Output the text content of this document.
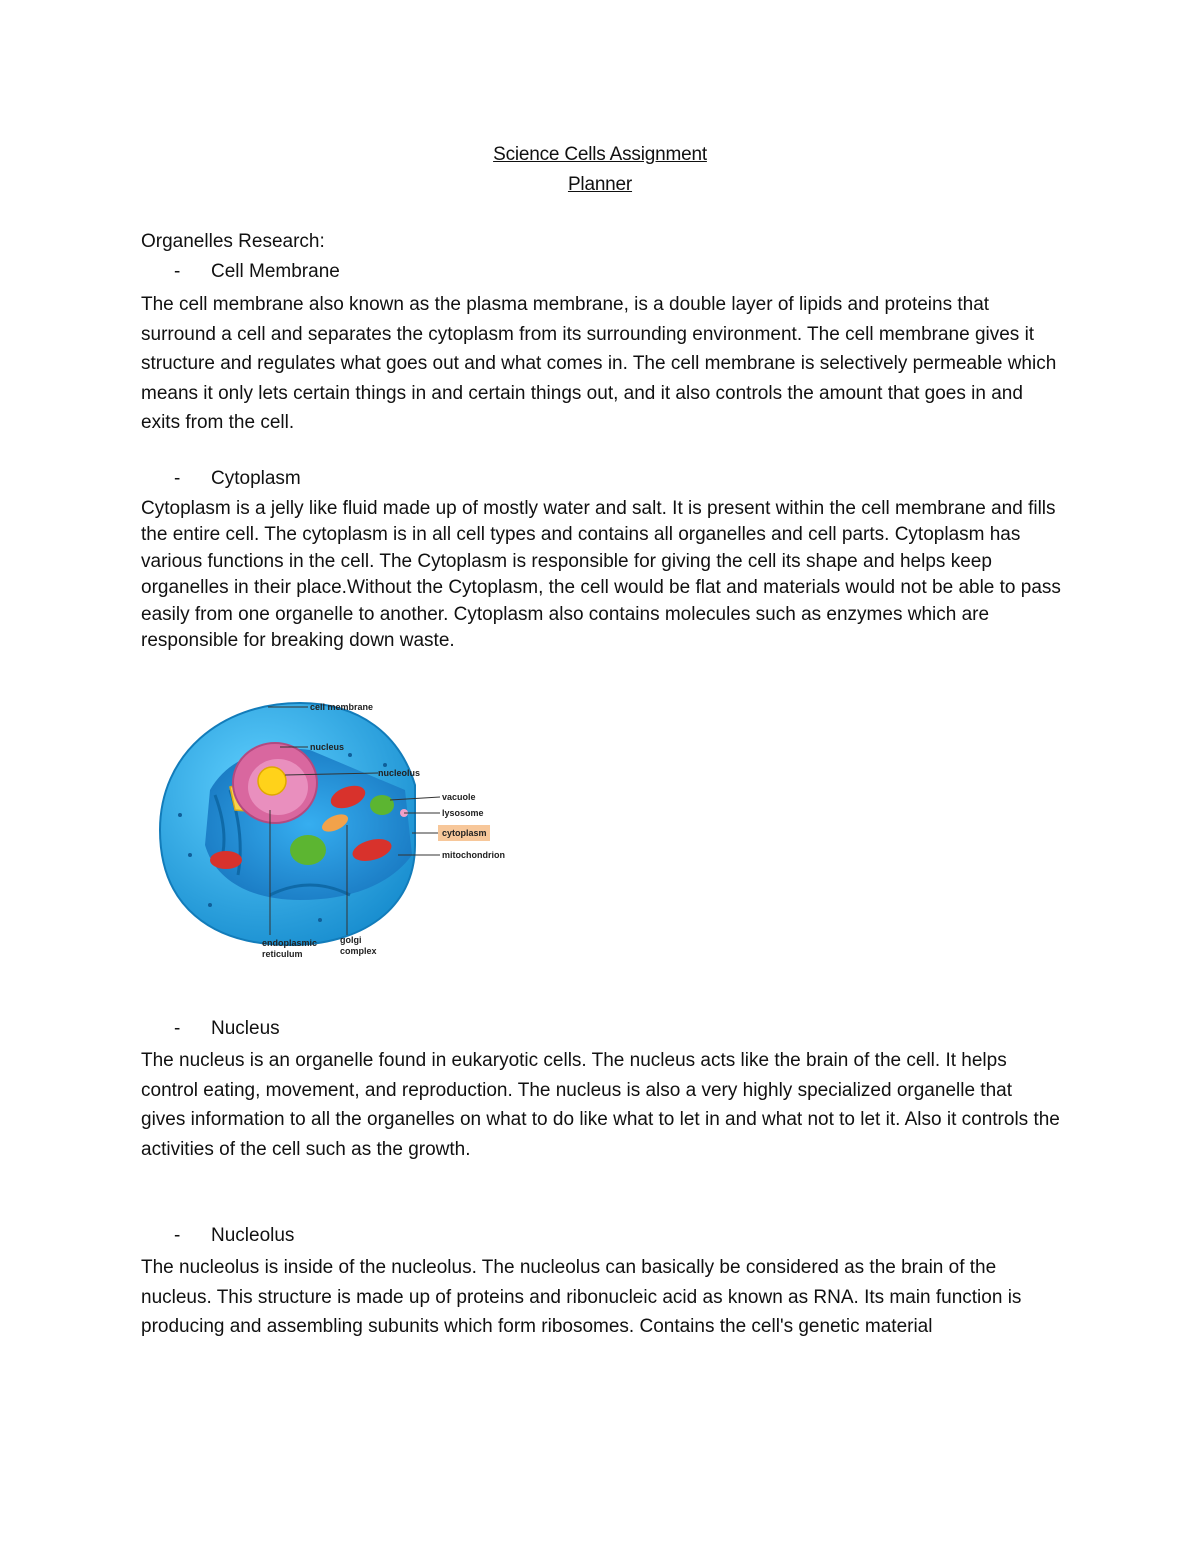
Science Cells Assignment
Planner
Organelles Research:
- Cell Membrane

The cell membrane also known as the plasma membrane, is a double layer of lipids and proteins that surround a cell and separates the cytoplasm from its surrounding environment. The cell membrane gives it structure and regulates what goes out and what comes in. The cell membrane is selectively permeable which means it only lets certain things in and certain things out, and it also controls the amount that goes in and exits from the cell.

- Cytoplasm

Cytoplasm is a jelly like fluid made up of mostly water and salt. It is present within the cell membrane and fills the entire cell. The cytoplasm is in all cell types and contains all organelles and cell parts. Cytoplasm has various functions in the cell. The Cytoplasm is responsible for giving the cell its shape and helps keep organelles in their place.Without the Cytoplasm, the cell would be flat and materials would not be able to pass easily from one organelle to another. Cytoplasm also contains molecules such as enzymes which are responsible for breaking down waste.

cell membrane
nucleus
nucleolus
vacuole
lysosome
cytoplasm
mitochondrion
endoplasmic
reticulum
golgi
complex
- Nucleus

The nucleus is an organelle found in eukaryotic cells. The nucleus acts like the brain of the cell. It helps control eating, movement, and reproduction. The nucleus is also a very highly specialized organelle that gives information to all the organelles on what to do like what to let in and what not to let it. Also it controls the activities of the cell such as the growth.

- Nucleolus

The nucleolus is inside of the nucleolus. The nucleolus can basically be considered as the brain of the nucleus. This structure is made up of proteins and ribonucleic acid as known as RNA. Its main function is producing and assembling subunits which form ribosomes. Contains the cell's genetic material
